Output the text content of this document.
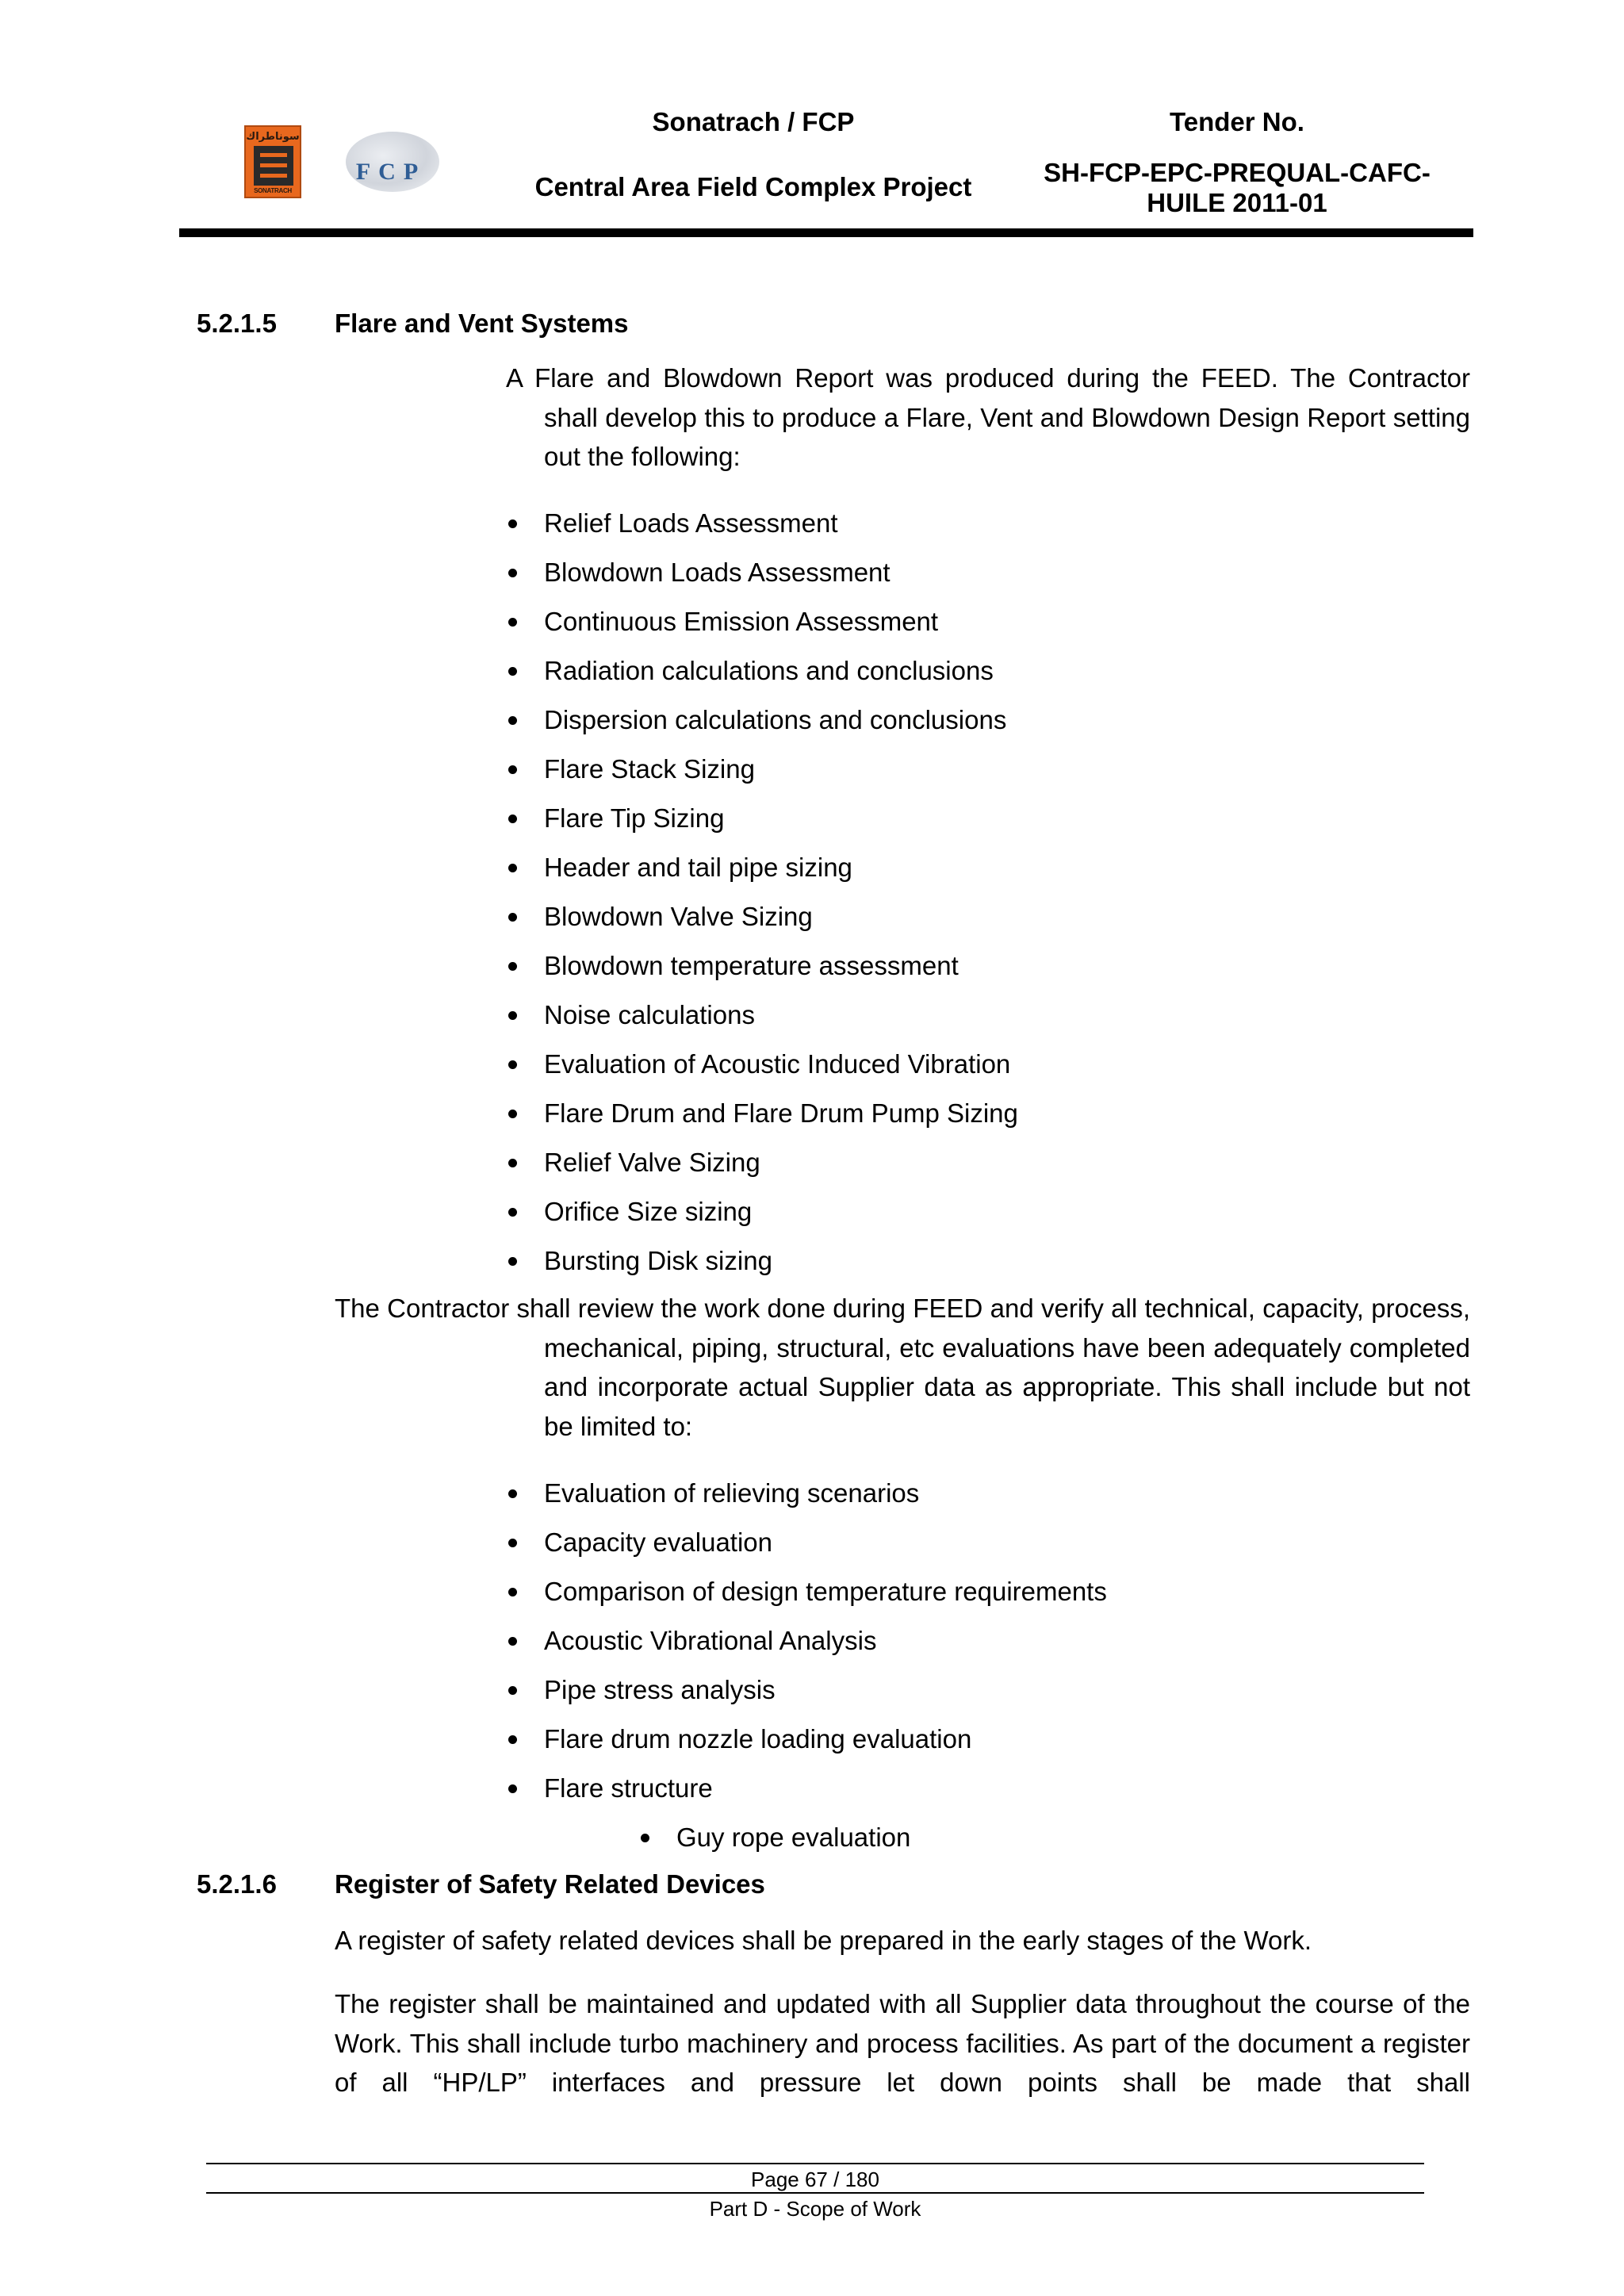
سوناطراك
SONATRACH
FCP
Sonatrach / FCP
Central Area Field Complex Project
Tender No.
SH-FCP-EPC-PREQUAL-CAFC-
HUILE 2011-01
5.2.1.5 Flare and Vent Systems
A Flare and Blowdown Report was produced during the FEED. The Contractor shall develop this to produce a Flare, Vent and Blowdown Design Report setting out the following:
Relief Loads Assessment
Blowdown Loads Assessment
Continuous Emission Assessment
Radiation calculations and conclusions
Dispersion calculations and conclusions
Flare Stack Sizing
Flare Tip Sizing
Header and tail pipe sizing
Blowdown Valve Sizing
Blowdown temperature assessment
Noise calculations
Evaluation of Acoustic Induced Vibration
Flare Drum and Flare Drum Pump Sizing
Relief Valve Sizing
Orifice Size sizing
Bursting Disk sizing
The Contractor shall review the work done during FEED and verify all technical, capacity, process, mechanical, piping, structural, etc evaluations have been adequately completed and incorporate actual Supplier data as appropriate. This shall include but not be limited to:
Evaluation of relieving scenarios
Capacity evaluation
Comparison of design temperature requirements
Acoustic Vibrational Analysis
Pipe stress analysis
Flare drum nozzle loading evaluation
Flare structure
Guy rope evaluation
5.2.1.6 Register of Safety Related Devices
A register of safety related devices shall be prepared in the early stages of the Work.
The register shall be maintained and updated with all Supplier data throughout the course of the Work. This shall include turbo machinery and process facilities. As part of the document a register of all “HP/LP” interfaces and pressure let down points shall be made that shall
Page 67 / 180
Part D - Scope of Work
